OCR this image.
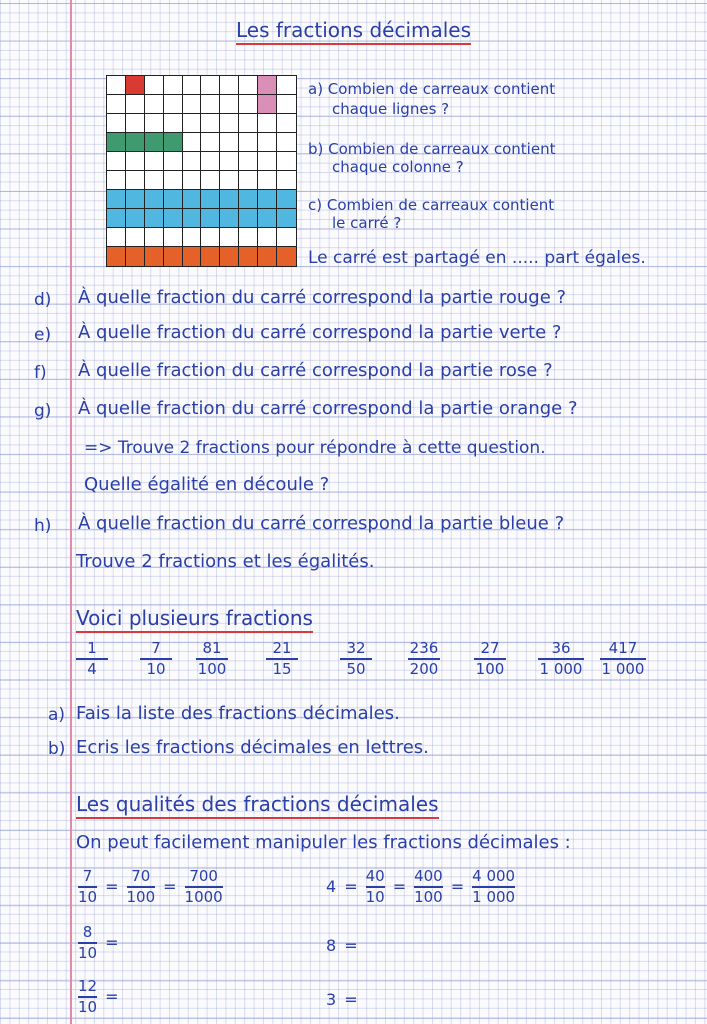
Les fractions décimales
a) Combien de carreaux contient
chaque lignes ?
b) Combien de carreaux contient
chaque colonne ?
c) Combien de carreaux contient
le carré ?
Le carré est partagé en ..... part égales.
d) À quelle fraction du carré correspond la partie rouge ?
e) À quelle fraction du carré correspond la partie verte ?
f) À quelle fraction du carré correspond la partie rose ?
g) À quelle fraction du carré correspond la partie orange ?
=> Trouve 2 fractions pour répondre à cette question.
Quelle égalité en découle ?
h) À quelle fraction du carré correspond la partie bleue ?
Trouve 2 fractions et les égalités.
Voici plusieurs fractions
1
4
7
10
81
100
21
15
32
50
236
200
27
100
36
1 000
417
1 000
a) Fais la liste des fractions décimales.
b) Ecris les fractions décimales en lettres.
Les qualités des fractions décimales
On peut facilement manipuler les fractions décimales :
$\frac{7}{10} = \frac{70}{100} = \frac{700}{1000}$
$\frac{8}{10}$ =
$\frac{12}{10}$ =
$4 = \frac{40}{10} = \frac{400}{100} = \frac{4 000}{1 000}$
8 =
3 =
